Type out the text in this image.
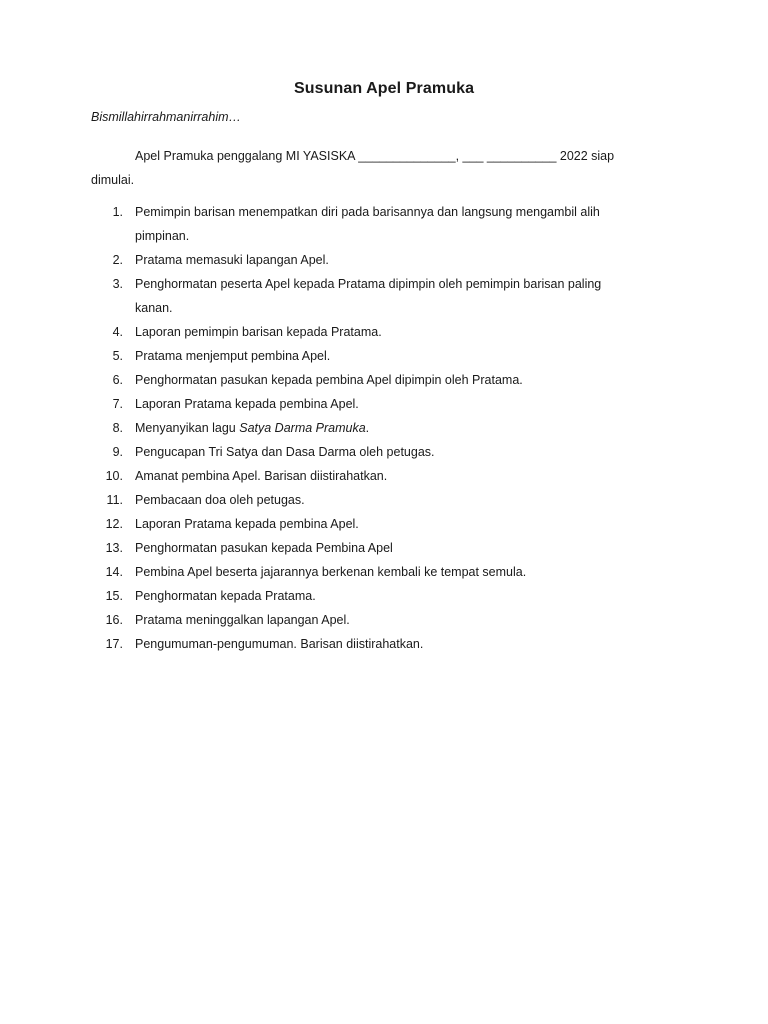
Susunan Apel Pramuka
Bismillahirrahmanirrahim…
Apel Pramuka penggalang MI YASISKA ______________, ___ __________ 2022 siap
dimulai.
1. Pemimpin barisan menempatkan diri pada barisannya dan langsung mengambil alih
pimpinan.
2. Pratama memasuki lapangan Apel.
3. Penghormatan peserta Apel kepada Pratama dipimpin oleh pemimpin barisan paling
kanan.
4. Laporan pemimpin barisan kepada Pratama.
5. Pratama menjemput pembina Apel.
6. Penghormatan pasukan kepada pembina Apel dipimpin oleh Pratama.
7. Laporan Pratama kepada pembina Apel.
8. Menyanyikan lagu Satya Darma Pramuka.
9. Pengucapan Tri Satya dan Dasa Darma oleh petugas.
10. Amanat pembina Apel. Barisan diistirahatkan.
11. Pembacaan doa oleh petugas.
12. Laporan Pratama kepada pembina Apel.
13. Penghormatan pasukan kepada Pembina Apel
14. Pembina Apel beserta jajarannya berkenan kembali ke tempat semula.
15. Penghormatan kepada Pratama.
16. Pratama meninggalkan lapangan Apel.
17. Pengumuman-pengumuman. Barisan diistirahatkan.
